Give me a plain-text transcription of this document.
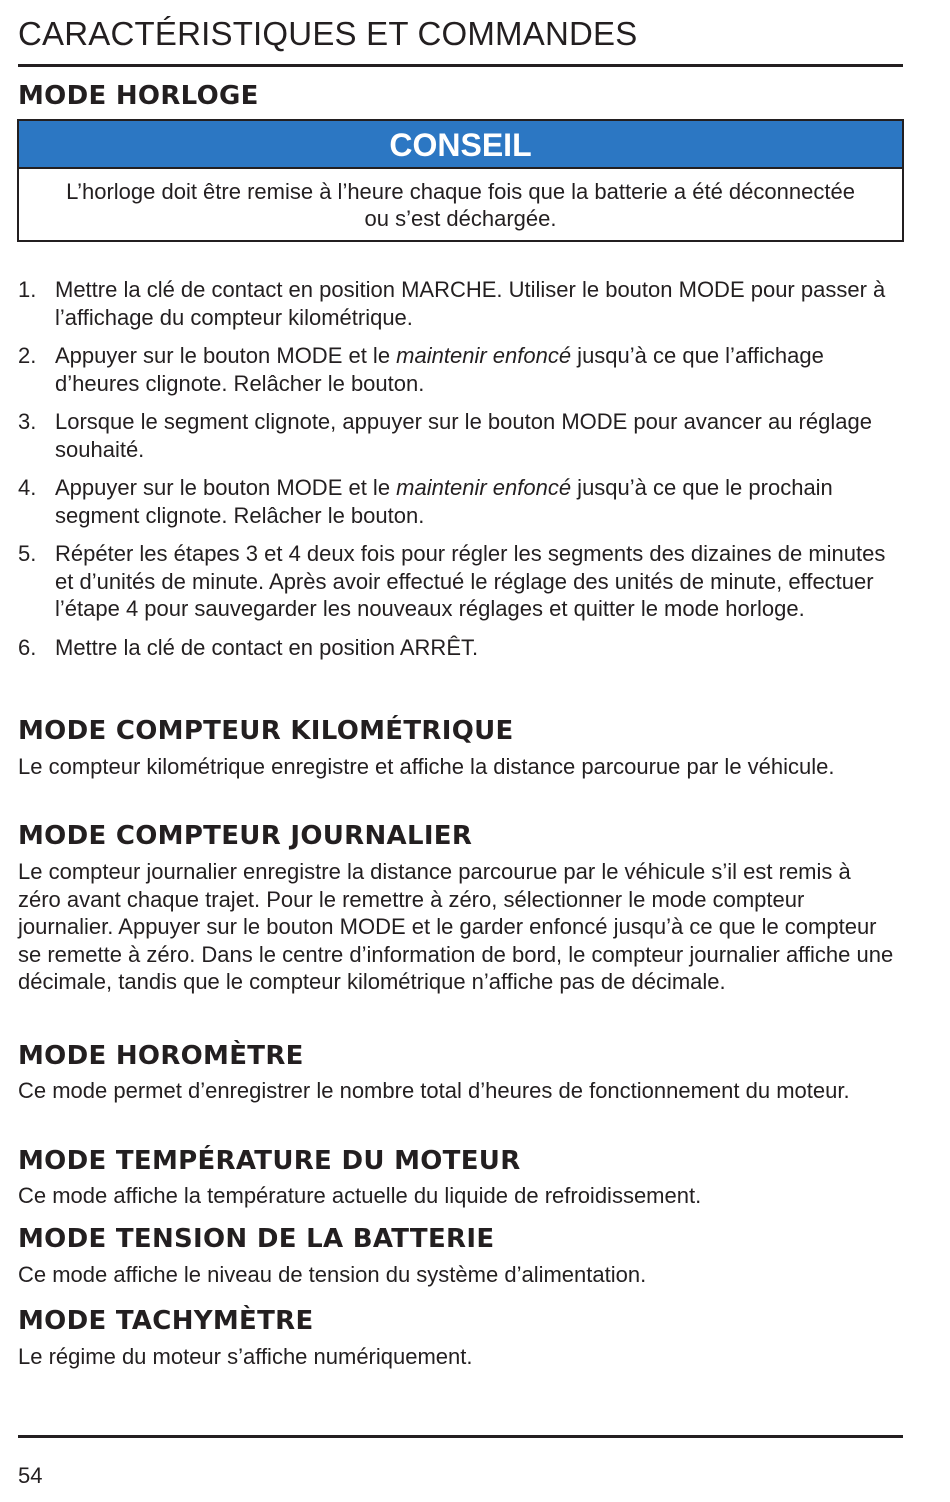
CARACTÉRISTIQUES ET COMMANDES
MODE HORLOGE
CONSEIL
L’horloge doit être remise à l’heure chaque fois que la batterie a été déconnectée ou s’est déchargée.
1. Mettre la clé de contact en position MARCHE. Utiliser le bouton MODE pour passer à l’affichage du compteur kilométrique.
2. Appuyer sur le bouton MODE et le maintenir enfoncé jusqu’à ce que l’affichage d’heures clignote. Relâcher le bouton.
3. Lorsque le segment clignote, appuyer sur le bouton MODE pour avancer au réglage souhaité.
4. Appuyer sur le bouton MODE et le maintenir enfoncé jusqu’à ce que le prochain segment clignote. Relâcher le bouton.
5. Répéter les étapes 3 et 4 deux fois pour régler les segments des dizaines de minutes et d’unités de minute. Après avoir effectué le réglage des unités de minute, effectuer l’étape 4 pour sauvegarder les nouveaux réglages et quitter le mode horloge.
6. Mettre la clé de contact en position ARRÊT.
MODE COMPTEUR KILOMÉTRIQUE

Le compteur kilométrique enregistre et affiche la distance parcourue par le véhicule.

MODE COMPTEUR JOURNALIER

Le compteur journalier enregistre la distance parcourue par le véhicule s’il est remis à zéro avant chaque trajet. Pour le remettre à zéro, sélectionner le mode compteur journalier. Appuyer sur le bouton MODE et le garder enfoncé jusqu’à ce que le compteur se remette à zéro. Dans le centre d’information de bord, le compteur journalier affiche une décimale, tandis que le compteur kilométrique n’affiche pas de décimale.

MODE HOROMÈTRE

Ce mode permet d’enregistrer le nombre total d’heures de fonctionnement du moteur.

MODE TEMPÉRATURE DU MOTEUR

Ce mode affiche la température actuelle du liquide de refroidissement.

MODE TENSION DE LA BATTERIE

Ce mode affiche le niveau de tension du système d’alimentation.

MODE TACHYMÈTRE

Le régime du moteur s’affiche numériquement.

54
